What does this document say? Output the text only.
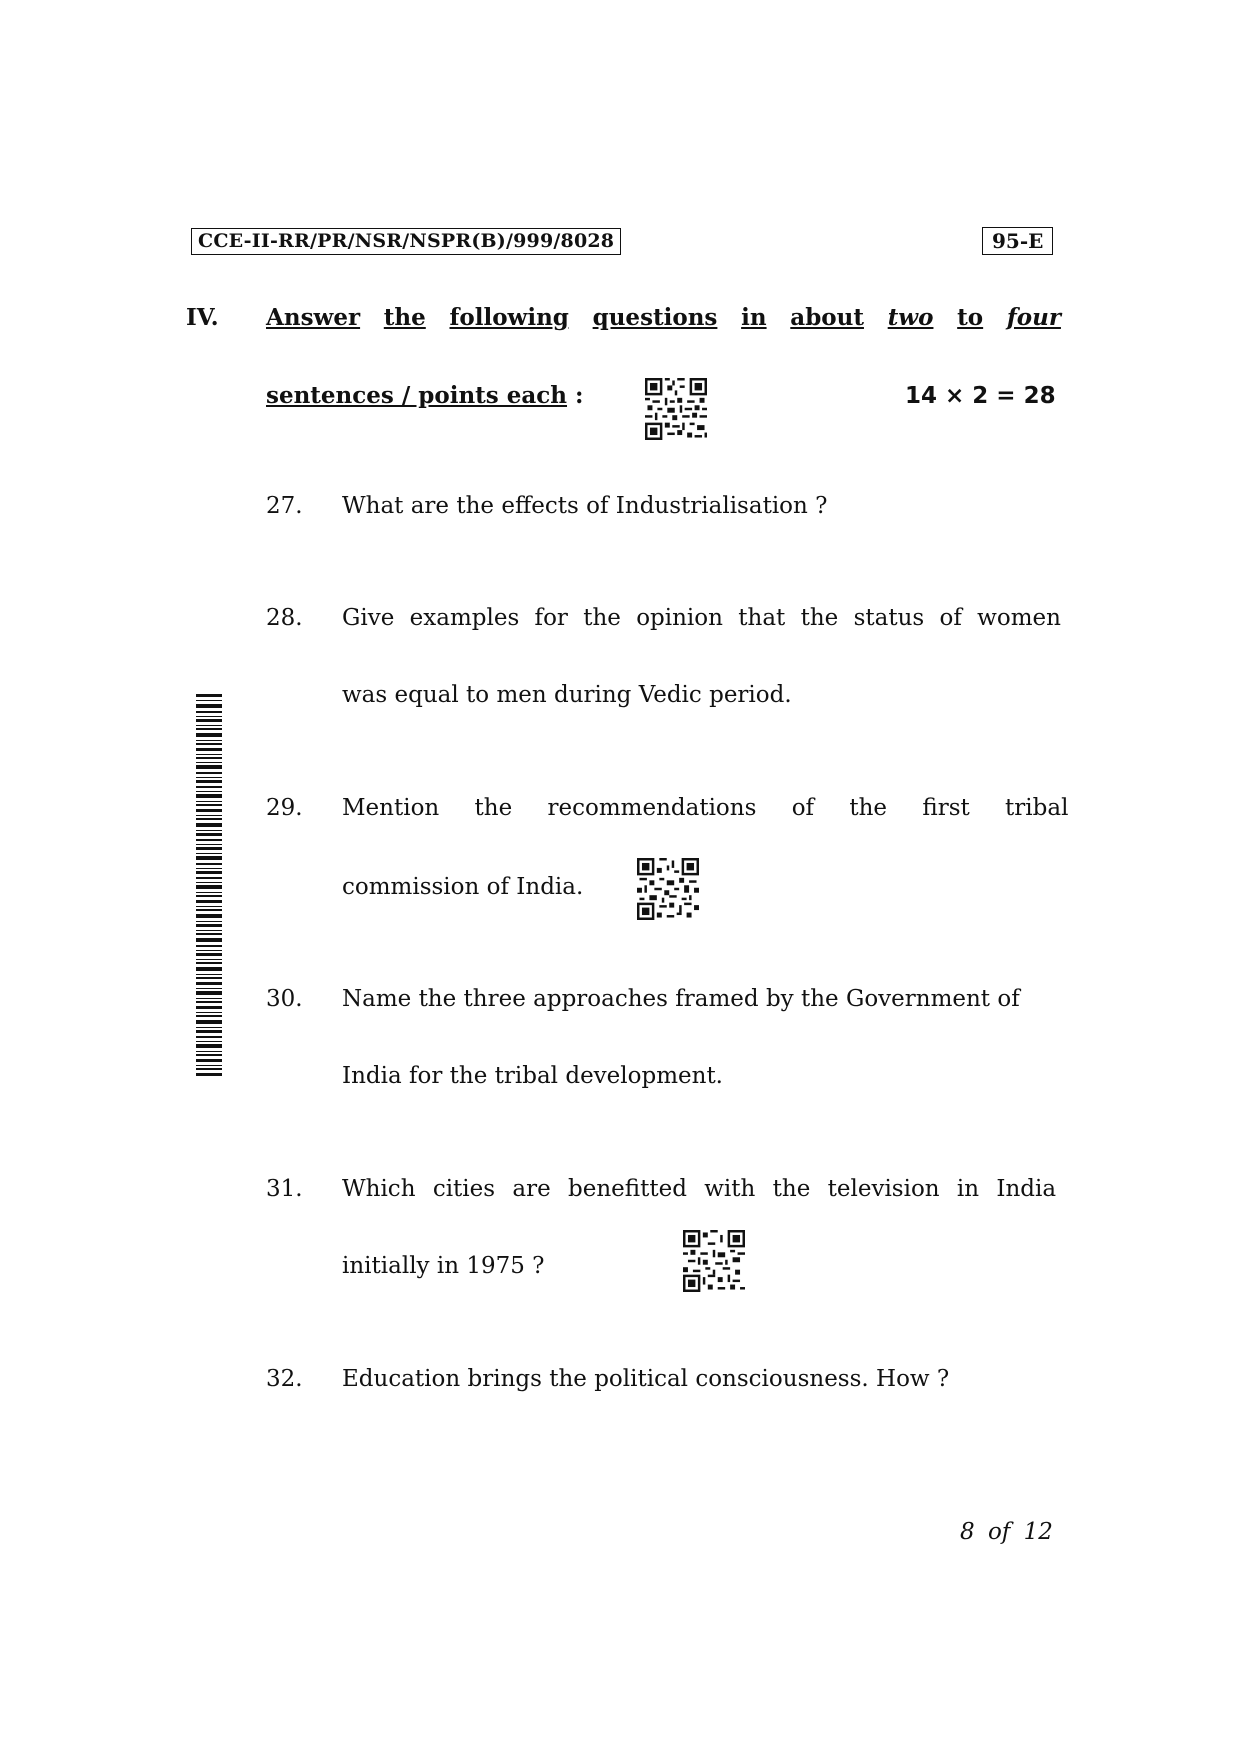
CCE-II-RR/PR/NSR/NSPR(B)/999/8028	95-E
IV. Answer the following questions in about two to four
sentences / points each :	14 × 2 = 28
27. What are the effects of Industrialisation ?
28. Give examples for the opinion that the status of women
was equal to men during Vedic period.
29. Mention the recommendations of the first tribal
commission of India.
30. Name the three approaches framed by the Government of
India for the tribal development.
31. Which cities are benefitted with the television in India
initially in 1975 ?
32. Education brings the political consciousness. How ?
8 of 12
